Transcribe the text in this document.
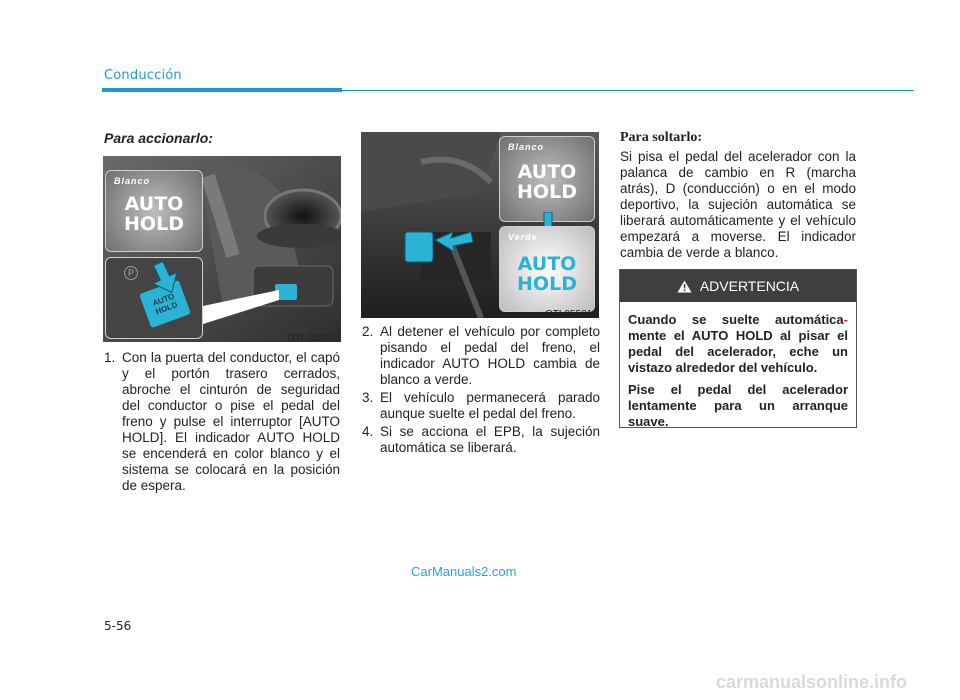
Conducción
Para accionarlo:
Blanco
AUTO
HOLD
P
AUTO HOLD
OTL055018
1. Con la puerta del conductor, el capó y el portón trasero cerrados, abroche el cinturón de seguridad del conductor o pise el pedal del freno y pulse el interruptor [AUTO HOLD]. El indicador AUTO HOLD se encenderá en color blanco y el sistema se colocará en la posición de espera.
Blanco
AUTO
HOLD
Verde
AUTO
HOLD
OTL055019
2. Al detener el vehículo por completo pisando el pedal del freno, el indicador AUTO HOLD cambia de blanco a verde.
3. El vehículo permanecerá parado aunque suelte el pedal del freno.
4. Si se acciona el EPB, la sujeción automática se liberará.
Para soltarlo:

Si pisa el pedal del acelerador con la palanca de cambio en R (marcha atrás), D (conducción) o en el modo deportivo, la sujeción automática se liberará automáticamente y el vehículo empezará a moverse. El indicador cambia de verde a blanco.

ADVERTENCIA

Cuando se suelte automática- mente el AUTO HOLD al pisar el pedal del acelerador, eche un vistazo alrededor del vehículo.

Pise el pedal del acelerador lentamente para un arranque suave.

CarManuals2.com
5-56
carmanualsonline.info
